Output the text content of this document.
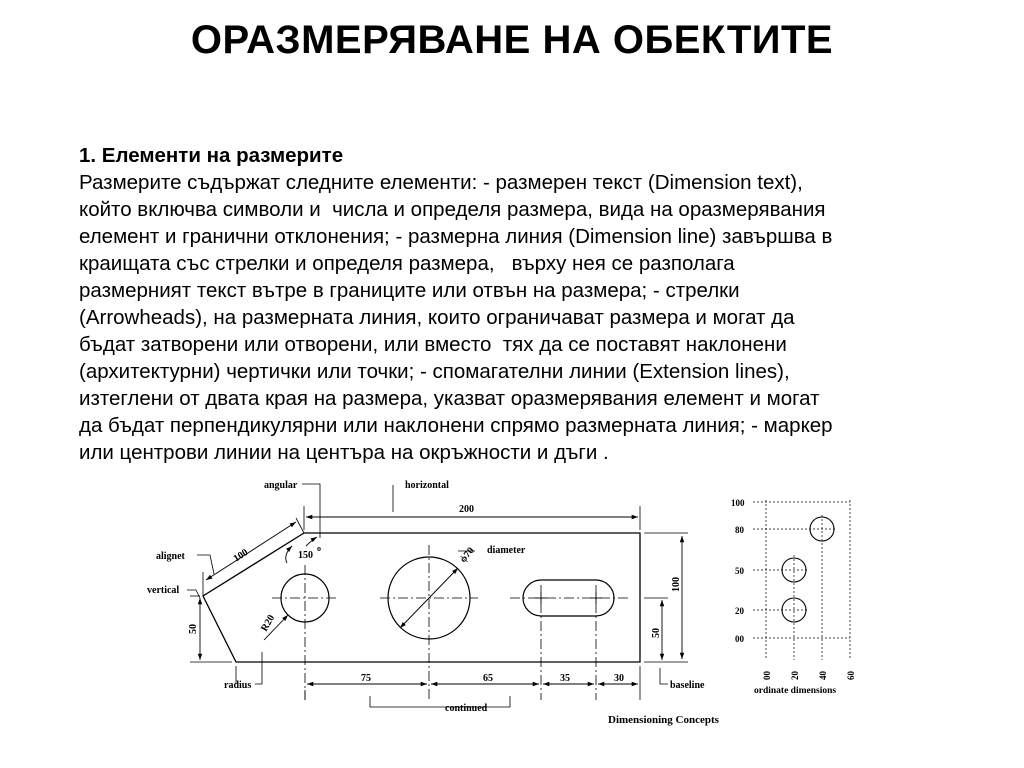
ОРАЗМЕРЯВАНЕ НА ОБЕКТИТЕ
1. Елементи на размерите
Размерите съдържат следните елементи: - размерен текст (Dimension text),
който включва символи и  числа и определя размера, вида на оразмерявания
елемент и гранични отклонения; - размерна линия (Dimension line) завършва в
краищата със стрелки и определя размера,   върху нея се разполага
размерният текст вътре в границите или отвън на размера; - стрелки
(Arrowheads), на размерната линия, които ограничават размера и могат да
бъдат затворени или отворени, или вместо  тях да се поставят наклонени
(архитектурни) чертички или точки; - спомагателни линии (Extension lines),
изтеглени от двата края на размера, указват оразмерявания елемент и могат
да бъдат перпендикулярни или наклонени спрямо размерната линия; - маркер
или центрови линии на центъра на окръжности и дъги .
angular	horizontal
alignet
vertical
diameter
radius
continued
baseline
Dimensioning Concepts
200
100	150
o	ϕ70
R20
50	50
100
75	65	35	30
100
80
50
20
00
00 20 40 60
ordinate dimensions
